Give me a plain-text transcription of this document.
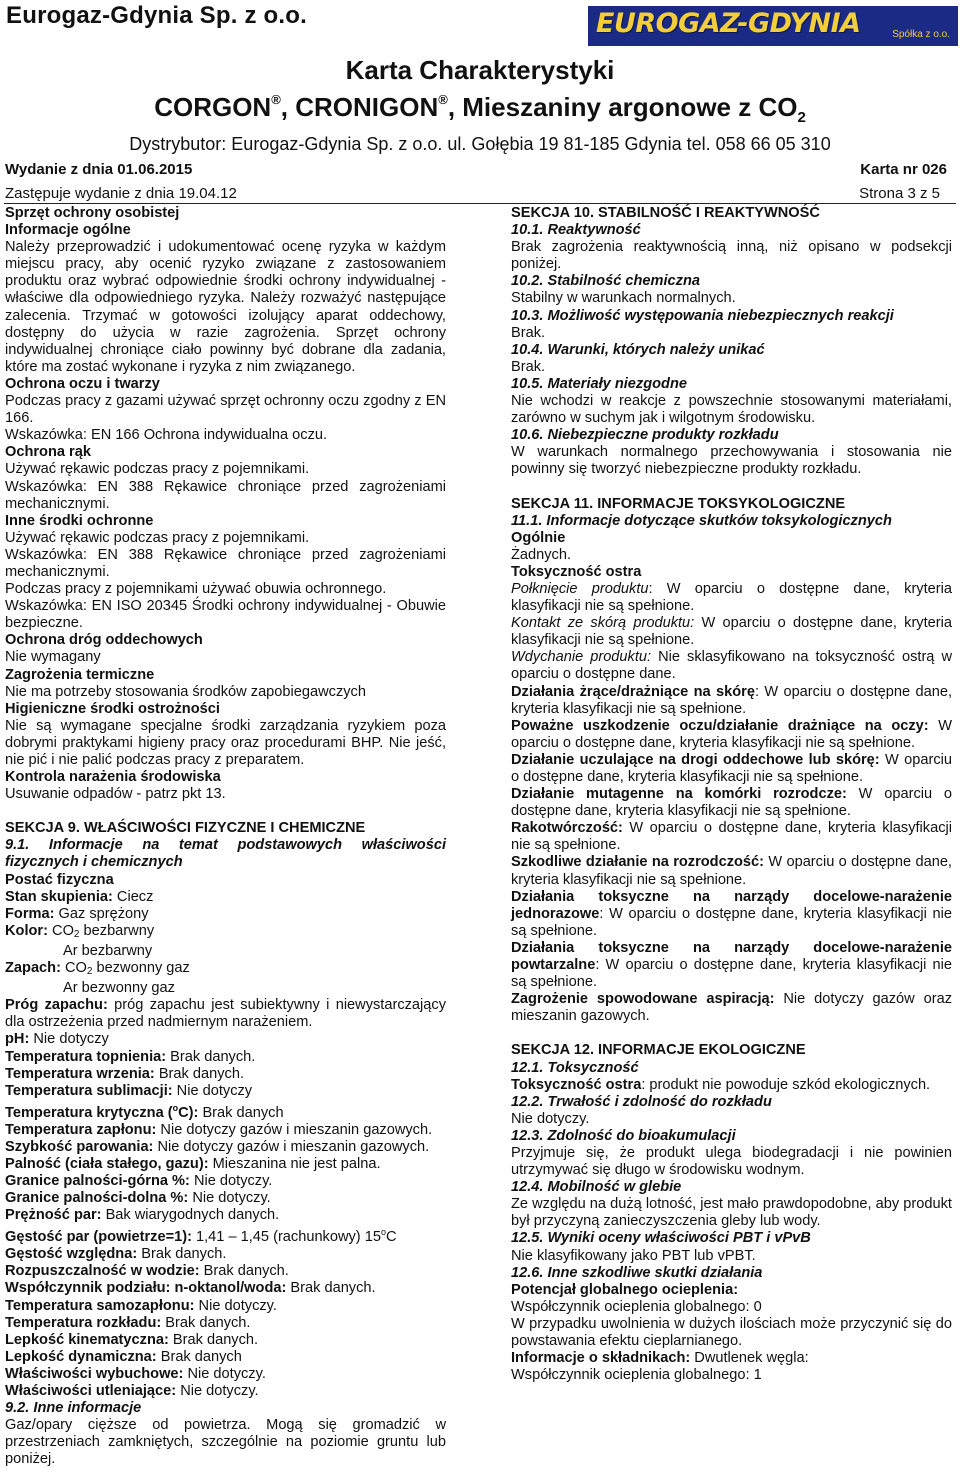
Eurogaz-Gdynia Sp. z o.o.	EUROGAZ-GDYNIA	Spółka z o.o.
Karta Charakterystyki
CORGON®, CRONIGON®, Mieszaniny argonowe z $CO_2$
Dystrybutor: Eurogaz-Gdynia Sp. z o.o. ul. Gołębia 19 81-185 Gdynia tel. 058 66 05 310
Wydanie z dnia 01.06.2015	Karta nr 026
Zastępuje wydanie z dnia 19.04.12	Strona 3 z 5

Sprzęt ochrony osobistej

Informacje ogólne

Należy przeprowadzić i udokumentować ocenę ryzyka w każdym miejscu pracy, aby ocenić ryzyko związane z zastosowaniem produktu oraz wybrać odpowiednie środki ochrony indywidualnej - właściwe dla odpowiedniego ryzyka. Należy rozważyć następujące zalecenia. Trzymać w gotowości izolujący aparat oddechowy, dostępny do użycia w razie zagrożenia. Sprzęt ochrony indywidualnej chroniące ciało powinny być dobrane dla zadania, które ma zostać wykonane i ryzyka z nim związanego.

Ochrona oczu i twarzy

Podczas pracy z gazami używać sprzęt ochronny oczu zgodny z EN 166.

Wskazówka: EN 166 Ochrona indywidualna oczu.

Ochrona rąk

Używać rękawic podczas pracy z pojemnikami.

Wskazówka: EN 388 Rękawice chroniące przed zagrożeniami mechanicznymi.

Inne środki ochronne

Używać rękawic podczas pracy z pojemnikami.

Wskazówka: EN 388 Rękawice chroniące przed zagrożeniami mechanicznymi.

Podczas pracy z pojemnikami używać obuwia ochronnego.

Wskazówka: EN ISO 20345 Środki ochrony indywidualnej - Obuwie bezpieczne.

Ochrona dróg oddechowych

Nie wymagany

Zagrożenia termiczne

Nie ma potrzeby stosowania środków zapobiegawczych

Higieniczne środki ostrożności

Nie są wymagane specjalne środki zarządzania ryzykiem poza dobrymi praktykami higieny pracy oraz procedurami BHP. Nie jeść, nie pić i nie palić podczas pracy z preparatem.

Kontrola narażenia środowiska

Usuwanie odpadów - patrz pkt 13.

SEKCJA 9. WŁAŚCIWOŚCI FIZYCZNE I CHEMICZNE

9.1. Informacje na temat podstawowych właściwości fizycznych i chemicznych

Postać fizyczna

Stan skupienia: Ciecz

Forma: Gaz sprężony

Kolor: $CO_2$ bezbarwny

Ar bezbarwny

Zapach: $CO_2$ bezwonny gaz

Ar bezwonny gaz

Próg zapachu: próg zapachu jest subiektywny i niewystarczający dla ostrzeżenia przed nadmiernym narażeniem.

pH: Nie dotyczy

Temperatura topnienia: Brak danych.

Temperatura wrzenia: Brak danych.

Temperatura sublimacji: Nie dotyczy

Temperatura krytyczna ($^o$C): Brak danych

Temperatura zapłonu: Nie dotyczy gazów i mieszanin gazowych.

Szybkość parowania: Nie dotyczy gazów i mieszanin gazowych.

Palność (ciała stałego, gazu): Mieszanina nie jest palna.

Granice palności-górna %: Nie dotyczy.

Granice palności-dolna %: Nie dotyczy.

Prężność par: Bak wiarygodnych danych.

Gęstość par (powietrze=1): 1,41 – 1,45 (rachunkowy) 15$^o$C

Gęstość względna: Brak danych.

Rozpuszczalność w wodzie: Brak danych.

Współczynnik podziału: n-oktanol/woda: Brak danych.

Temperatura samozapłonu: Nie dotyczy.

Temperatura rozkładu: Brak danych.

Lepkość kinematyczna: Brak danych.

Lepkość dynamiczna: Brak danych

Właściwości wybuchowe: Nie dotyczy.

Właściwości utleniające: Nie dotyczy.

9.2. Inne informacje

Gaz/opary cięższe od powietrza. Mogą się gromadzić w przestrzeniach zamkniętych, szczególnie na poziomie gruntu lub poniżej.

SEKCJA 10. STABILNOŚĆ I REAKTYWNOŚĆ

10.1. Reaktywność

Brak zagrożenia reaktywnością inną, niż opisano w podsekcji poniżej.

10.2. Stabilność chemiczna

Stabilny w warunkach normalnych.

10.3. Możliwość występowania niebezpiecznych reakcji

Brak.

10.4. Warunki, których należy unikać

Brak.

10.5. Materiały niezgodne

Nie wchodzi w reakcje z powszechnie stosowanymi materiałami, zarówno w suchym jak i wilgotnym środowisku.

10.6. Niebezpieczne produkty rozkładu

W warunkach normalnego przechowywania i stosowania nie powinny się tworzyć niebezpieczne produkty rozkładu.

SEKCJA 11. INFORMACJE TOKSYKOLOGICZNE

11.1. Informacje dotyczące skutków toksykologicznych

Ogólnie

Żadnych.

Toksyczność ostra

Połknięcie produktu: W oparciu o dostępne dane, kryteria klasyfikacji nie są spełnione.

Kontakt ze skórą produktu: W oparciu o dostępne dane, kryteria klasyfikacji nie są spełnione.

Wdychanie produktu: Nie sklasyfikowano na toksyczność ostrą w oparciu o dostępne dane.

Działania żrące/drażniące na skórę: W oparciu o dostępne dane, kryteria klasyfikacji nie są spełnione.

Poważne uszkodzenie oczu/działanie drażniące na oczy: W oparciu o dostępne dane, kryteria klasyfikacji nie są spełnione.

Działanie uczulające na drogi oddechowe lub skórę: W oparciu o dostępne dane, kryteria klasyfikacji nie są spełnione.

Działanie mutagenne na komórki rozrodcze: W oparciu o dostępne dane, kryteria klasyfikacji nie są spełnione.

Rakotwórczość: W oparciu o dostępne dane, kryteria klasyfikacji nie są spełnione.

Szkodliwe działanie na rozrodczość: W oparciu o dostępne dane, kryteria klasyfikacji nie są spełnione.

Działania toksyczne na narządy docelowe-narażenie jednorazowe: W oparciu o dostępne dane, kryteria klasyfikacji nie są spełnione.

Działania toksyczne na narządy docelowe-narażenie powtarzalne: W oparciu o dostępne dane, kryteria klasyfikacji nie są spełnione.

Zagrożenie spowodowane aspiracją: Nie dotyczy gazów oraz mieszanin gazowych.

SEKCJA 12. INFORMACJE EKOLOGICZNE

12.1. Toksyczność

Toksyczność ostra: produkt nie powoduje szkód ekologicznych.

12.2. Trwałość i zdolność do rozkładu

Nie dotyczy.

12.3. Zdolność do bioakumulacji

Przyjmuje się, że produkt ulega biodegradacji i nie powinien utrzymywać się długo w środowisku wodnym.

12.4. Mobilność w glebie

Ze względu na dużą lotność, jest mało prawdopodobne, aby produkt był przyczyną zanieczyszczenia gleby lub wody.

12.5. Wyniki oceny właściwości PBT i vPvB

Nie klasyfikowany jako PBT lub vPBT.

12.6. Inne szkodliwe skutki działania

Potencjał globalnego ocieplenia:

Współczynnik ocieplenia globalnego: 0

W przypadku uwolnienia w dużych ilościach może przyczynić się do powstawania efektu cieplarnianego.

Informacje o składnikach: Dwutlenek węgla:

Współczynnik ocieplenia globalnego: 1
